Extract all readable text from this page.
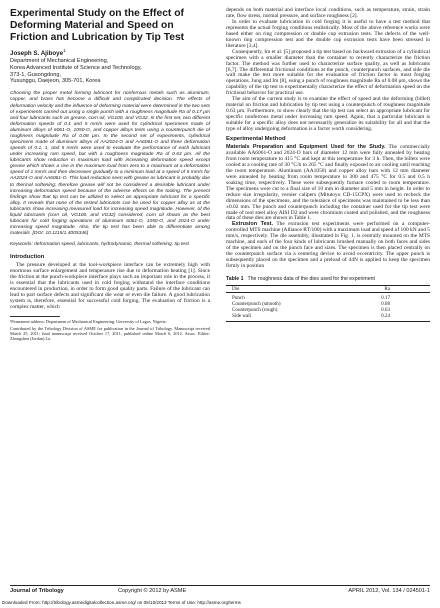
Experimental Study on the Effect of Deforming Material and Speed on Friction and Lubrication by Tip Test
Joseph S. Ajiboye$^1$
Department of Mechanical Engineering,
Korea Advanced Institute of Science and Technology,
373-1, Gusongdong,
Yusunggu, Daejeon, 305-701, Korea

Choosing the proper metal forming lubricant for nonferrous metals such as aluminum, copper, and brass has become a difficult and complicated decision. The effects of deformation velocity and the influence of deforming material were determined in the two sets of experiments carried out using a single punch with a roughness magnitude Ra of 0.17 μm and four lubricants such as grease, corn oil, VG100, and VG32. In the first set, two different deformation speeds of 0.1 and 5 mm/s were used for cylindrical specimens made of aluminum alloys of 6061-O, 1050-O, and copper alloys tests using a counterpunch die of roughness magnitude Ra of 0.08 μm. In the second set of experiments, cylindrical specimens made of aluminum alloys of AA2024-O and AA6061-O and three deformation speeds of 0.1, 1, and 5 mm/s were used to evaluate the performance of each lubricant under increasing ram speed, but with a roughness magnitude Ra of 0.63 μm. All the lubricants show reduction in maximum load with increasing deformation speed except grease which shows a rise in the maximum load from zero to a maximum at a deformation speed of 1 mm/s and then decreases gradually to a minimum load at a speed of 5 mm/s for AA2024-O and AA6061-O. This load reduction seen with grease as lubricant is probably due to thermal softening; therefore grease will not be considered a desirable lubricant under increasing deformation speed because of the adverse effects on the tooling. The present findings show that tip test can be utilized to select an appropriate lubricant for a specific alloy. It reveals that none of the tested lubricants can be used for copper alloy as at the lubricants show increasing measured load for increasing speed magnitude. However, of the liquid lubricants (corn oil, VG100, and VG32) considered, corn oil shows as the best lubricant for cold forging operations of aluminum 6061-O, 1050-O, and 2024-O under increasing speed magnitude. Also, the tip test has been able to differentiate among materials. [DOI: 10.1115/1.4005346]

Keywords: deformation speed, lubricants, hydrodynamic, thermal softening, tip test

Introduction

The pressure developed at the tool-workpiece interface can be extremely high with enormous surface enlargement and temperature rise due to deformation heating [1]. Since the friction at the punch-workpiece interface plays such an important role in the process, it is essential that the lubricants used in cold forging withstand the interface conditions encountered in production, in order to form good quality parts. Failure of the lubricant can lead to part surface defects and significant die wear or even die failure. A good lubrication system is, therefore, essential for successful cold forging. The evaluation of friction is a complex matter, which

¹Permanent address: Department of Mechanical Engineering, University of Lagos, Nigeria.

Contributed by the Tribology Division of ASME for publication in the Journal of Tribology. Manuscript received March 25, 2011; final manuscript received October 17, 2011; published online March 6, 2012. Assoc. Editor: Zhongshen (Jordan) Lu.

depends on both material and interface local conditions, such as temperature, strain, strain rate, flow stress, normal pressure, and surface roughness [2].

In order to evaluate lubrication in cold forging it is useful to have a test method that represents the actual forging conditions realistically. Most of the above reference works were based either on ring compression or double cup extrusion tests. The defects of the well-known ring compression test and the double cup extrusion tests have been stressed in literature [3,4].

Consequently, Im et al. [5] proposed a tip test based on backward extrusion of a cylindrical specimen with a smaller diameter than the container to recently characterize the friction factor. The method was further used to characterize surface quality, as well as lubricants [6,7]. The differential frictional conditions at the punch, counterpunch surfaces, and side die wall make the test more suitable for the evaluation of friction factor in most forging operations. Jung and Im [8], using a punch of roughness magnitude Ra of 0.08 μm, shows the capability of the tip test to experimentally characterize the effect of deformation speed on the frictional behavior for practical use.

The aim of the current study is to examine the effect of speed and the deforming (billet) material on friction and lubrication by tip test using a counterpunch of roughness magnitude 0.63 μm. Furthermore, to show clearly that the tip test can select an appropriate lubricant for specific nonferrous metal under increasing ram speed. Again, that a particular lubricant is suitable for a specific alloy does not necessarily generalize its suitability for all and that the type of alloy undergoing deformation is a factor worth considering.

Experimental Method

Materials Preparation and Equipment Used for the Study. The commercially available AA6061-O and 2024-O bars of diameter 12 mm were fully annealed by heating from room temperature to 415 °C and kept at this temperature for 3 h. Then, the billets were cooled at a cooling rate of 30 °C/h to 265 °C and finally exposed to air cooling until reaching the room temperature. Aluminum (AA1050) and copper alloy bars with 12 mm diameter were annealed by heating from room temperature to 300 and 475 °C for 0.5 and 0.5 h soaking time, respectively. These were subsequently furnace cooled to room temperature. The specimens were cut to a final size of 10 mm in diameter and 5 mm in height. In order to reduce size irregularity, vernier calipers (Mitutoyo CD-15CPX) were used to recheck the dimensions of the specimens, and the tolerance of specimens was maintained to be less than ±0.02 mm. The punch and counterpunch including the container used for the tip test were made of tool steel alloy AISI D2 and were chromium coated and polished, and the roughness data of these dies are shown in Table 1.

Extrusion Test. The extrusion test experiments were performed on a computer-controlled MTS machine (Alliance RT/100) with a maximum load and speed of 100 kN and 5 mm/s, respectively. The die assembly, illustrated in Fig. 1, is centrally mounted on the MTS machine, and each of the four kinds of lubricants brushed manually on both faces and sides of the specimen and on the punch face and sizes. The specimen is then placed centrally on the counterpunch surface via a centering device to avoid eccentricity. The upper punch is subsequently placed on the specimen and a preload of 44N is applied to keep the specimen firmly in position

Table 1 The roughness data of the dies used for the experiment
Die	Ra
Punch	0.17
Counterpunch (smooth)	0.08
Counterpunch (rough)	0.63
Side wall	0.24
Journal of Tribology	Copyright © 2012 by ASME	APRIL 2012, Vol. 134 / 024501-1
Downloaded From: http://tribology.asmedigitalcollection.asme.org/ on 05/10/2013 Terms of Use: http://asme.org/terms
